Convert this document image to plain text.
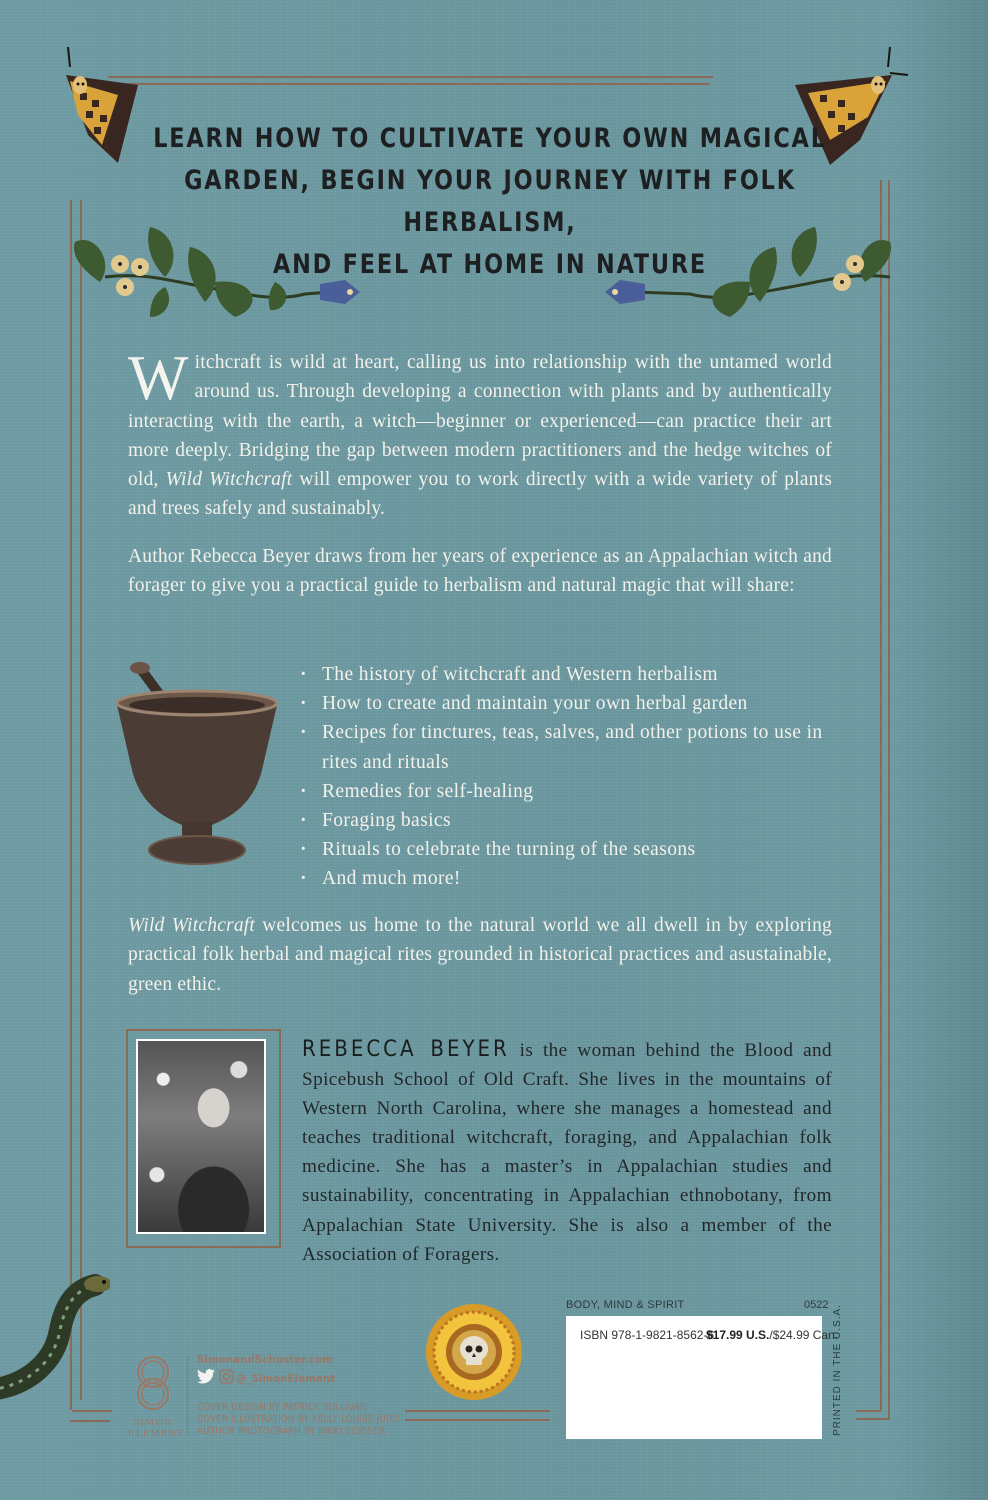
LEARN HOW TO CULTIVATE YOUR OWN MAGICAL
GARDEN, BEGIN YOUR JOURNEY WITH FOLK HERBALISM,
AND FEEL AT HOME IN NATURE
Witchcraft is wild at heart, calling us into relationship with the untamed world around us. Through developing a connection with plants and by authentically interacting with the earth, a witch—beginner or experienced—can practice their art more deeply. Bridging the gap between modern practitioners and the hedge witches of old, Wild Witchcraft will empower you to work directly with a wide variety of plants and trees safely and sustainably.
Author Rebecca Beyer draws from her years of experience as an Appalachian witch and forager to give you a practical guide to herbalism and natural magic that will share:
· The history of witchcraft and Western herbalism
· How to create and maintain your own herbal garden
· Recipes for tinctures, teas, salves, and other potions to use in rites and rituals
· Remedies for self-healing
· Foraging basics
· Rituals to celebrate the turning of the seasons
· And much more!
Wild Witchcraft welcomes us home to the natural world we all dwell in by exploring practical folk herbal and magical rites grounded in historical practices and asustainable, green ethic.
REBECCA BEYER is the woman behind the Blood and Spicebush School of Old Craft. She lives in the mountains of Western North Carolina, where she manages a homestead and teaches traditional witchcraft, foraging, and Appalachian folk medicine. She has a master’s in Appalachian studies and sustainability, concentrating in Appalachian ethnobotany, from Appalachian State University. She is also a member of the Association of Foragers.
SIMON
ELEMENT
SimonandSchuster.com
@_SimonElement
COVER DESIGN BY PATRICK SULLIVAN
COVER ILLUSTRATION BY KELLY LOUISE JUDD
AUTHOR PHOTOGRAPH BY NIKKI SCIOSCA
BODY, MIND & SPIRIT	0522
ISBN 978-1-9821-8562-6
$17.99 U.S./$24.99 Can.
PRINTED IN THE U.S.A.
